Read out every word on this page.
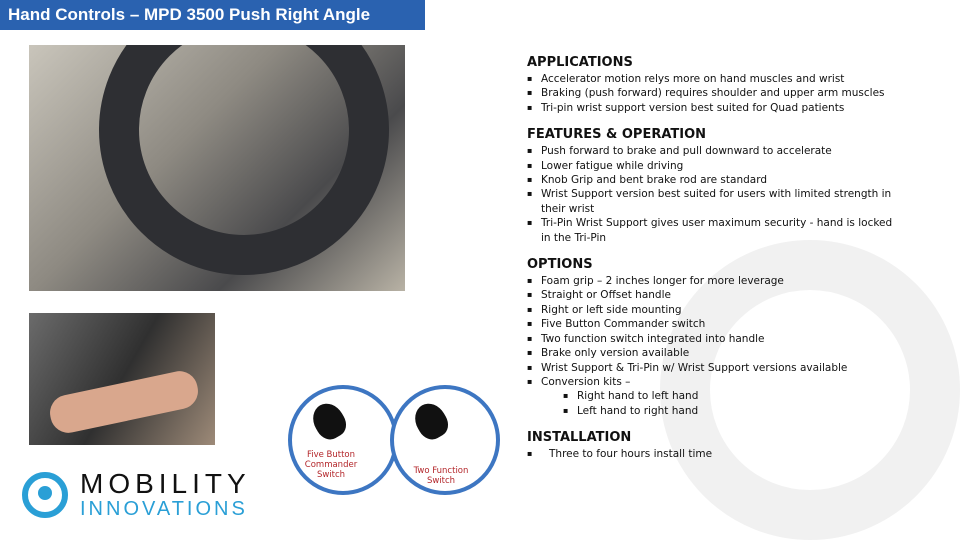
Hand Controls – MPD 3500 Push Right Angle
Five Button Commander Switch	Two Function Switch
APPLICATIONS
▪ Accelerator motion relys more on hand muscles and wrist
▪ Braking (push forward) requires shoulder and upper arm muscles
▪ Tri-pin wrist support version best suited for Quad patients
FEATURES & OPERATION
▪ Push forward to brake and pull downward to accelerate
▪ Lower fatigue while driving
▪ Knob Grip and bent brake rod are standard
▪ Wrist Support version best suited for users with limited strength in their wrist
▪ Tri-Pin Wrist Support gives user maximum security - hand is locked in the Tri-Pin
OPTIONS
▪ Foam grip – 2 inches longer for more leverage
▪ Straight or Offset handle
▪ Right or left side mounting
▪ Five Button Commander switch
▪ Two function switch integrated into handle
▪ Brake only version available
▪ Wrist Support & Tri-Pin w/ Wrist Support versions available
▪ Conversion kits –
▪ Right hand to left hand
▪ Left hand to right hand
INSTALLATION
▪ Three to four hours install time
MOBILITY
INNOVATIONS
